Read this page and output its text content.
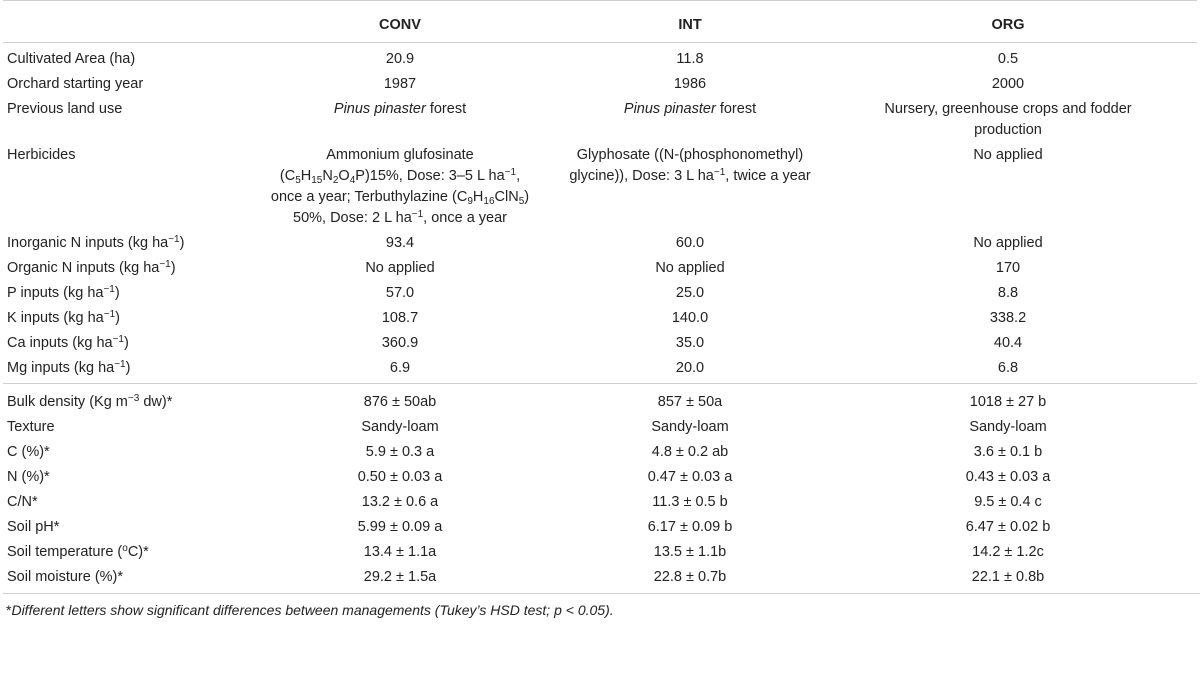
	CONV	INT	ORG
Cultivated Area (ha)	20.9	11.8	0.5
Orchard starting year	1987	1986	2000
Previous land use	Pinus pinaster forest	Pinus pinaster forest	Nursery, greenhouse crops and fodder
production
Herbicides	Ammonium glufosinate
$(C_5H_{15}N_2O_4P)15\%$, Dose: 3–5 L $ha^{-1}$,
once a year; Terbuthylazine $(C_9H_{16}ClN_5)$
50%, Dose: 2 L $ha^{-1}$, once a year	Glyphosate ((N-(phosphonomethyl)
glycine)), Dose: 3 L $ha^{-1}$, twice a year	No applied
Inorganic N inputs (kg $ha^{-1}$)	93.4	60.0	No applied
Organic N inputs (kg $ha^{-1}$)	No applied	No applied	170
P inputs (kg $ha^{-1}$)	57.0	25.0	8.8
K inputs (kg $ha^{-1}$)	108.7	140.0	338.2
Ca inputs (kg $ha^{-1}$)	360.9	35.0	40.4
Mg inputs (kg $ha^{-1}$)	6.9	20.0	6.8
Bulk density (Kg $m^{-3}$ dw)*	876 ± 50ab	857 ± 50a	1018 ± 27 b
Texture	Sandy-loam	Sandy-loam	Sandy-loam
C (%)*	5.9 ± 0.3 a	4.8 ± 0.2 ab	3.6 ± 0.1 b
N (%)*	0.50 ± 0.03 a	0.47 ± 0.03 a	0.43 ± 0.03 a
C/N*	13.2 ± 0.6 a	11.3 ± 0.5 b	9.5 ± 0.4 c
Soil pH*	5.99 ± 0.09 a	6.17 ± 0.09 b	6.47 ± 0.02 b
Soil temperature ($^o$C)*	13.4 ± 1.1a	13.5 ± 1.1b	14.2 ± 1.2c
Soil moisture (%)*	29.2 ± 1.5a	22.8 ± 0.7b	22.1 ± 0.8b
*Different letters show significant differences between managements (Tukey’s HSD test; p < 0.05).
